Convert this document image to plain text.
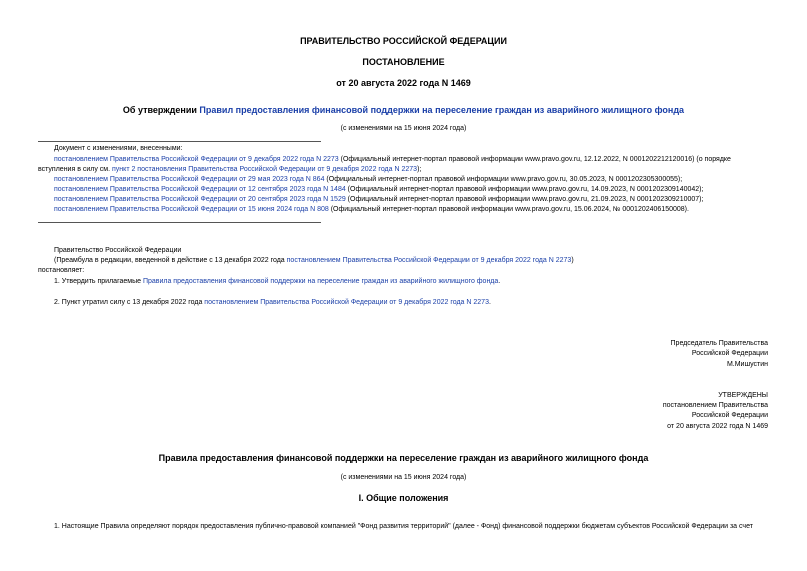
ПРАВИТЕЛЬСТВО РОССИЙСКОЙ ФЕДЕРАЦИИ
ПОСТАНОВЛЕНИЕ
от 20 августа 2022 года N 1469
Об утверждении Правил предоставления финансовой поддержки на переселение граждан из аварийного жилищного фонда
(с изменениями на 15 июня 2024 года)
Документ с изменениями, внесенными:
постановлением Правительства Российской Федерации от 9 декабря 2022 года N 2273 (Официальный интернет-портал правовой информации www.pravo.gov.ru, 12.12.2022, N 0001202212120016) (о порядке
вступления в силу см. пункт 2 постановления Правительства Российской Федерации от 9 декабря 2022 года N 2273);
постановлением Правительства Российской Федерации от 29 мая 2023 года N 864 (Официальный интернет-портал правовой информации www.pravo.gov.ru, 30.05.2023, N 0001202305300055);
постановлением Правительства Российской Федерации от 12 сентября 2023 года N 1484 (Официальный интернет-портал правовой информации www.pravo.gov.ru, 14.09.2023, N 0001202309140042);
постановлением Правительства Российской Федерации от 20 сентября 2023 года N 1529 (Официальный интернет-портал правовой информации www.pravo.gov.ru, 21.09.2023, N 0001202309210007);
постановлением Правительства Российской Федерации от 15 июня 2024 года N 808 (Официальный интернет-портал правовой информации www.pravo.gov.ru, 15.06.2024, № 0001202406150008).
Правительство Российской Федерации
(Преамбула в редакции, введенной в действие с 13 декабря 2022 года постановлением Правительства Российской Федерации от 9 декабря 2022 года N 2273)
постановляет:
1. Утвердить прилагаемые Правила предоставления финансовой поддержки на переселение граждан из аварийного жилищного фонда.
2. Пункт утратил силу с 13 декабря 2022 года постановлением Правительства Российской Федерации от 9 декабря 2022 года N 2273.
Председатель Правительства
Российской Федерации
М.Мишустин
УТВЕРЖДЕНЫ
постановлением Правительства
Российской Федерации
от 20 августа 2022 года N 1469
Правила предоставления финансовой поддержки на переселение граждан из аварийного жилищного фонда
(с изменениями на 15 июня 2024 года)
I. Общие положения
1. Настоящие Правила определяют порядок предоставления публично-правовой компанией "Фонд развития территорий" (далее - Фонд) финансовой поддержки бюджетам субъектов Российской Федерации за счет
